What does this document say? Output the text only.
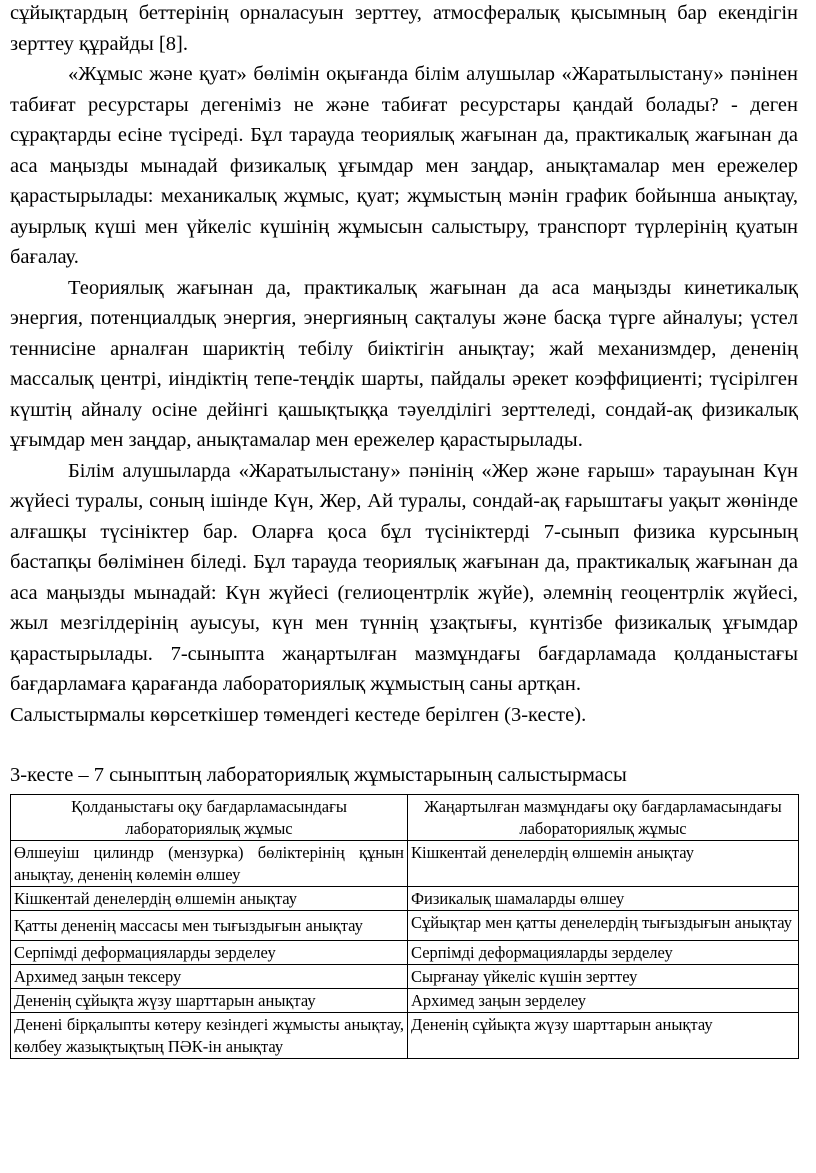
сұйықтардың беттерінің орналасуын зерттеу, атмосфералық қысымның бар екендігін зерттеу құрайды [8].

«Жұмыс және қуат» бөлімін оқығанда білім алушылар «Жаратылыстану» пәнінен табиғат ресурстары дегеніміз не және табиғат ресурстары қандай болады? - деген сұрақтарды есіне түсіреді. Бұл тарауда теориялық жағынан да, практикалық жағынан да аса маңызды мынадай физикалық ұғымдар мен заңдар, анықтамалар мен ережелер қарастырылады: механикалық жұмыс, қуат; жұмыстың мәнін график бойынша анықтау, ауырлық күші мен үйкеліс күшінің жұмысын салыстыру, транспорт түрлерінің қуатын бағалау.

Теориялық жағынан да, практикалық жағынан да аса маңызды кинетикалық энергия, потенциалдық энергия, энергияның сақталуы және басқа түрге айналуы; үстел теннисіне арналған шариктің тебілу биіктігін анықтау; жай механизмдер, дененің массалық центрі, иіндіктің тепе-теңдік шарты, пайдалы әрекет коэффициенті; түсірілген күштің айналу осіне дейінгі қашықтыққа тәуелділігі зерттеледі, сондай-ақ физикалық ұғымдар мен заңдар, анықтамалар мен ережелер қарастырылады.

Білім алушыларда «Жаратылыстану» пәнінің «Жер және ғарыш» тарауынан Күн жүйесі туралы, соның ішінде Күн, Жер, Ай туралы, сондай-ақ ғарыштағы уақыт жөнінде алғашқы түсініктер бар. Оларға қоса бұл түсініктерді 7-сынып физика курсының бастапқы бөлімінен біледі. Бұл тарауда теориялық жағынан да, практикалық жағынан да аса маңызды мынадай: Күн жүйесі (гелиоцентрлік жүйе), әлемнің геоцентрлік жүйесі, жыл мезгілдерінің ауысуы, күн мен түннің ұзақтығы, күнтізбе физикалық ұғымдар қарастырылады. 7-сыныпта жаңартылған мазмұндағы бағдарламада қолданыстағы бағдарламаға қарағанда лабораториялық жұмыстың саны артқан.

Салыстырмалы көрсеткішер төмендегі кестеде берілген (3-кесте).

3-кесте – 7 сыныптың лабораториялық жұмыстарының салыстырмасы
Қолданыстағы оқу бағдарламасындағы лабораториялық жұмыс	Жаңартылған мазмұндағы оқу бағдарламасындағы лабораториялық жұмыс
Өлшеуіш цилиндр (мензурка) бөліктерінің құнын анықтау, дененің көлемін өлшеу	Кішкентай денелердің өлшемін анықтау
Кішкентай денелердің өлшемін анықтау	Физикалық шамаларды өлшеу
Қатты дененің массасы мен тығыздығын анықтау	Сұйықтар мен қатты денелердің тығыздығын анықтау
Серпімді деформацияларды зерделеу	Серпімді деформацияларды зерделеу
Архимед заңын тексеру	Сырғанау үйкеліс күшін зерттеу
Дененің сұйықта жүзу шарттарын анықтау	Архимед заңын зерделеу
Денені бірқалыпты көтеру кезіндегі жұмысты анықтау, көлбеу жазықтықтың ПӘК-ін анықтау	Дененің сұйықта жүзу шарттарын анықтау
